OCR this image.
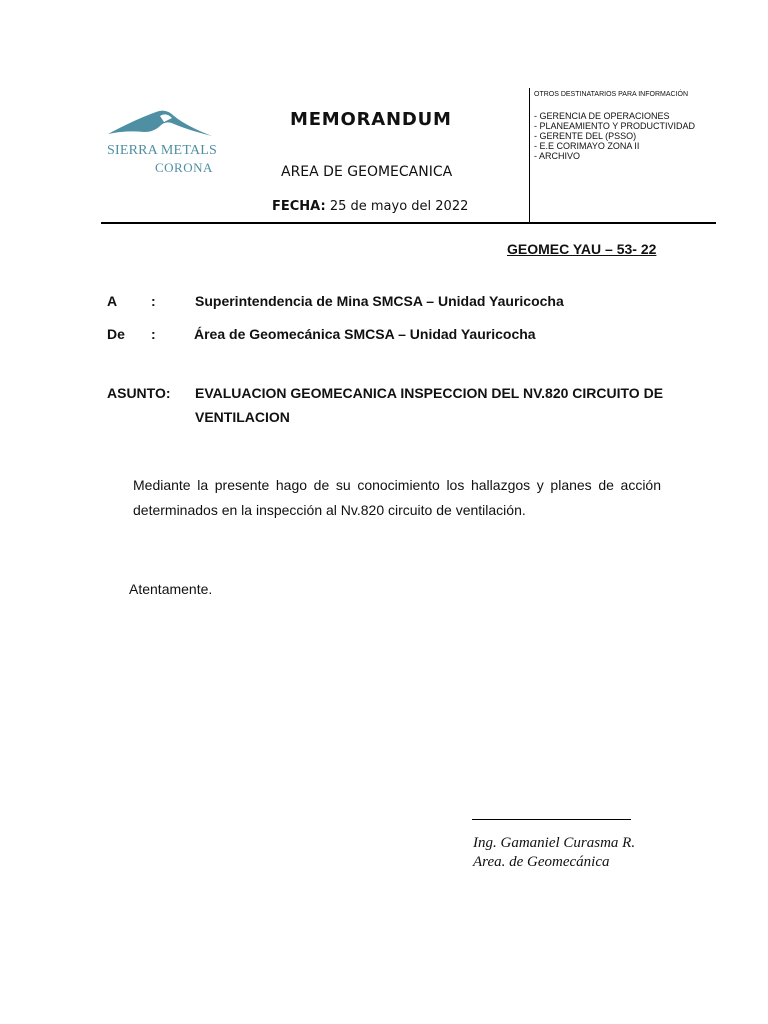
SIERRA METALS
CORONA
MEMORANDUM
AREA DE GEOMECANICA
FECHA: 25 de mayo del 2022
OTROS DESTINATARIOS PARA INFORMACIÓN
- GERENCIA DE OPERACIONES
- PLANEAMIENTO Y PRODUCTIVIDAD
- GERENTE DEL (PSSO)
- E.E CORIMAYO ZONA II
- ARCHIVO
GEOMEC YAU – 53- 22
A :	Superintendencia de Mina SMCSA – Unidad Yauricocha
De :	Área de Geomecánica SMCSA – Unidad Yauricocha
ASUNTO: EVALUACION GEOMECANICA INSPECCION DEL NV.820 CIRCUITO DE VENTILACION
Mediante la presente hago de su conocimiento los hallazgos y planes de acción determinados en la inspección al Nv.820 circuito de ventilación.
Atentamente.
Ing. Gamaniel Curasma R.
Area. de Geomecánica
